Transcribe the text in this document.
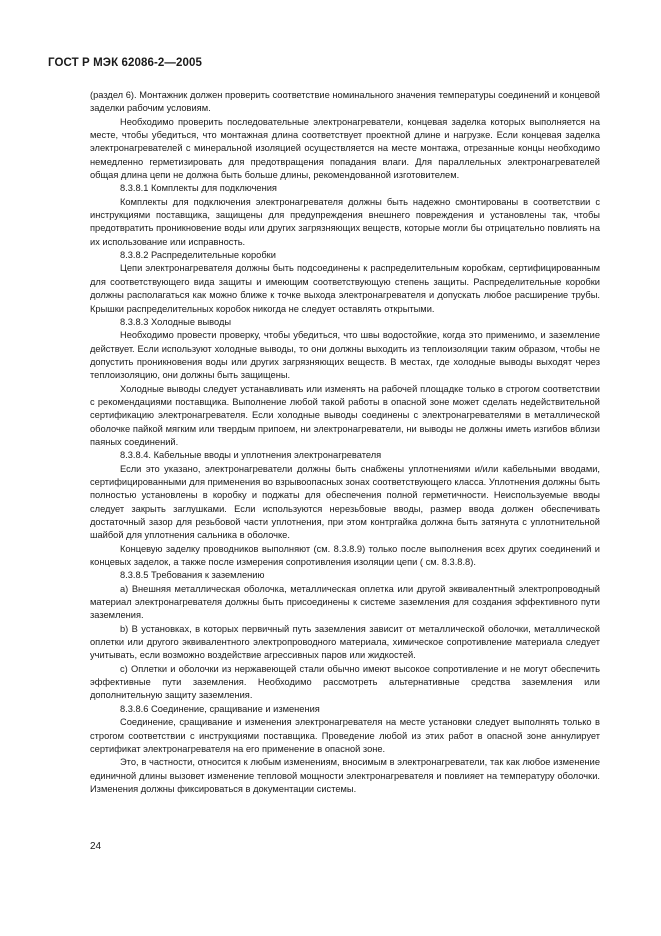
ГОСТ Р МЭК 62086-2—2005

(раздел 6). Монтажник должен проверить соответствие номинального значения температуры соединений и концевой заделки рабочим условиям.

Необходимо проверить последовательные электронагреватели, концевая заделка которых выполняется на месте, чтобы убедиться, что монтажная длина соответствует проектной длине и нагрузке. Если концевая заделка электронагревателей с минеральной изоляцией осуществляется на месте монтажа, отрезанные концы необходимо немедленно герметизировать для предотвращения попадания влаги. Для параллельных электронагревателей общая длина цепи не должна быть больше длины, рекомендованной изготовителем.

8.3.8.1 Комплекты для подключения

Комплекты для подключения электронагревателя должны быть надежно смонтированы в соответствии с инструкциями поставщика, защищены для предупреждения внешнего повреждения и установлены так, чтобы предотвратить проникновение воды или других загрязняющих веществ, которые могли бы отрицательно повлиять на их использование или исправность.

8.3.8.2 Распределительные коробки

Цепи электронагревателя должны быть подсоединены к распределительным коробкам, сертифицированным для соответствующего вида защиты и имеющим соответствующую степень защиты. Распределительные коробки должны располагаться как можно ближе к точке выхода электронагревателя и допускать любое расширение трубы. Крышки распределительных коробок никогда не следует оставлять открытыми.

8.3.8.3 Холодные выводы

Необходимо провести проверку, чтобы убедиться, что швы водостойкие, когда это применимо, и заземление действует. Если используют холодные выводы, то они должны выходить из теплоизоляции таким образом, чтобы не допустить проникновения воды или других загрязняющих веществ. В местах, где холодные выводы выходят через теплоизоляцию, они должны быть защищены.

Холодные выводы следует устанавливать или изменять на рабочей площадке только в строгом соответствии с рекомендациями поставщика. Выполнение любой такой работы в опасной зоне может сделать недействительной сертификацию электронагревателя. Если холодные выводы соединены с электронагревателями в металлической оболочке пайкой мягким или твердым припоем, ни электронагреватели, ни выводы не должны иметь изгибов вблизи паяных соединений.

8.3.8.4. Кабельные вводы и уплотнения электронагревателя

Если это указано, электронагреватели должны быть снабжены уплотнениями и/или кабельными вводами, сертифицированными для применения во взрывоопасных зонах соответствующего класса. Уплотнения должны быть полностью установлены в коробку и поджаты для обеспечения полной герметичности. Неиспользуемые вводы следует закрыть заглушками. Если используются нерезьбовые вводы, размер ввода должен обеспечивать достаточный зазор для резьбовой части уплотнения, при этом контргайка должна быть затянута с уплотнительной шайбой для уплотнения сальника в оболочке.

Концевую заделку проводников выполняют (см. 8.3.8.9) только после выполнения всех других соединений и концевых заделок, а также после измерения сопротивления изоляции цепи ( см. 8.3.8.8).

8.3.8.5 Требования к заземлению

а) Внешняя металлическая оболочка, металлическая оплетка или другой эквивалентный электропроводный материал электронагревателя должны быть присоединены к системе заземления для создания эффективного пути заземления.

b) В установках, в которых первичный путь заземления зависит от металлической оболочки, металлической оплетки или другого эквивалентного электропроводного материала, химическое сопротивление материала следует учитывать, если возможно воздействие агрессивных паров или жидкостей.

с) Оплетки и оболочки из нержавеющей стали обычно имеют высокое сопротивление и не могут обеспечить эффективные пути заземления. Необходимо рассмотреть альтернативные средства заземления или дополнительную защиту заземления.

8.3.8.6 Соединение, сращивание и изменения

Соединение, сращивание и изменения электронагревателя на месте установки следует выполнять только в строгом соответствии с инструкциями поставщика. Проведение любой из этих работ в опасной зоне аннулирует сертификат электронагревателя на его применение в опасной зоне.

Это, в частности, относится к любым изменениям, вносимым в электронагреватели, так как любое изменение единичной длины вызовет изменение тепловой мощности электронагревателя и повлияет на температуру оболочки. Изменения должны фиксироваться в документации системы.

24
